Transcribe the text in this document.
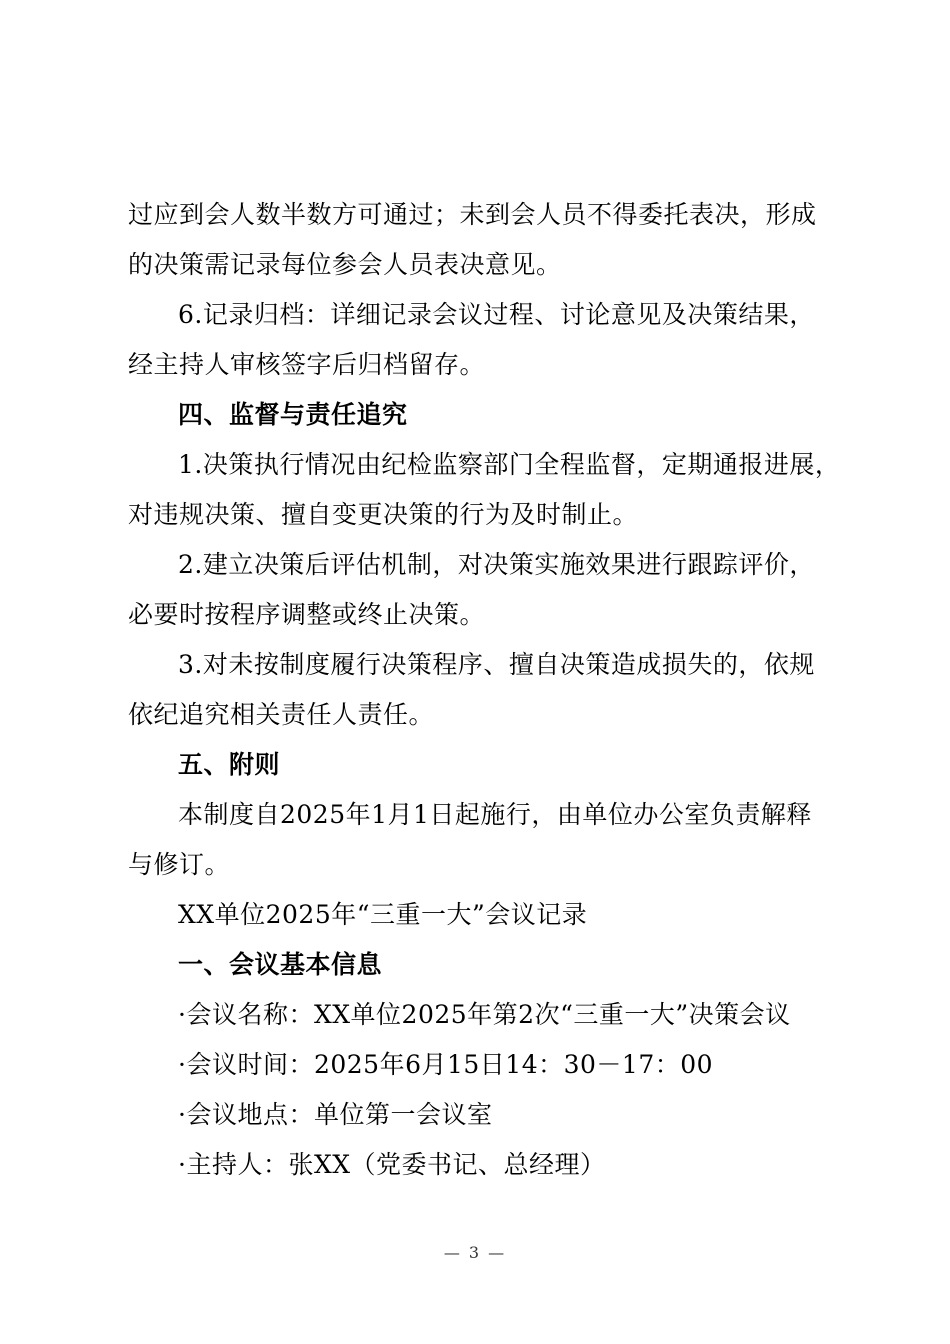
过应到会人数半数方可通过；未到会人员不得委托表决，形成
的决策需记录每位参会人员表决意见。
6.记录归档：详细记录会议过程、讨论意见及决策结果，
经主持人审核签字后归档留存。
四、监督与责任追究
1.决策执行情况由纪检监察部门全程监督，定期通报进展，
对违规决策、擅自变更决策的行为及时制止。
2.建立决策后评估机制，对决策实施效果进行跟踪评价，
必要时按程序调整或终止决策。
3.对未按制度履行决策程序、擅自决策造成损失的，依规
依纪追究相关责任人责任。
五、附则
本制度自2025年1月1日起施行，由单位办公室负责解释
与修订。
XX单位2025年“三重一大”会议记录
一、会议基本信息
·会议名称：XX单位2025年第2次“三重一大”决策会议
·会议时间：2025年6月15日14：30－17：00
·会议地点：单位第一会议室
·主持人：张XX（党委书记、总经理）
— 3 —
